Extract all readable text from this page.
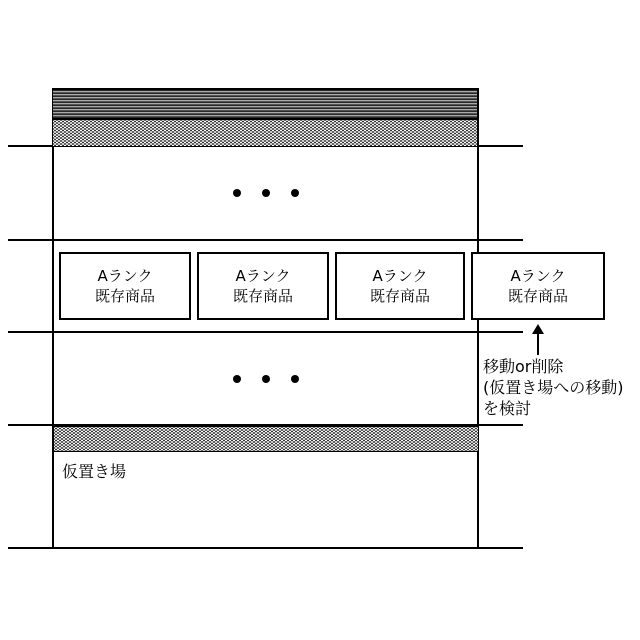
Aランク
既存商品
Aランク
既存商品
Aランク
既存商品
Aランク
既存商品
移動or削除
(仮置き場への移動)
を検討
仮置き場
